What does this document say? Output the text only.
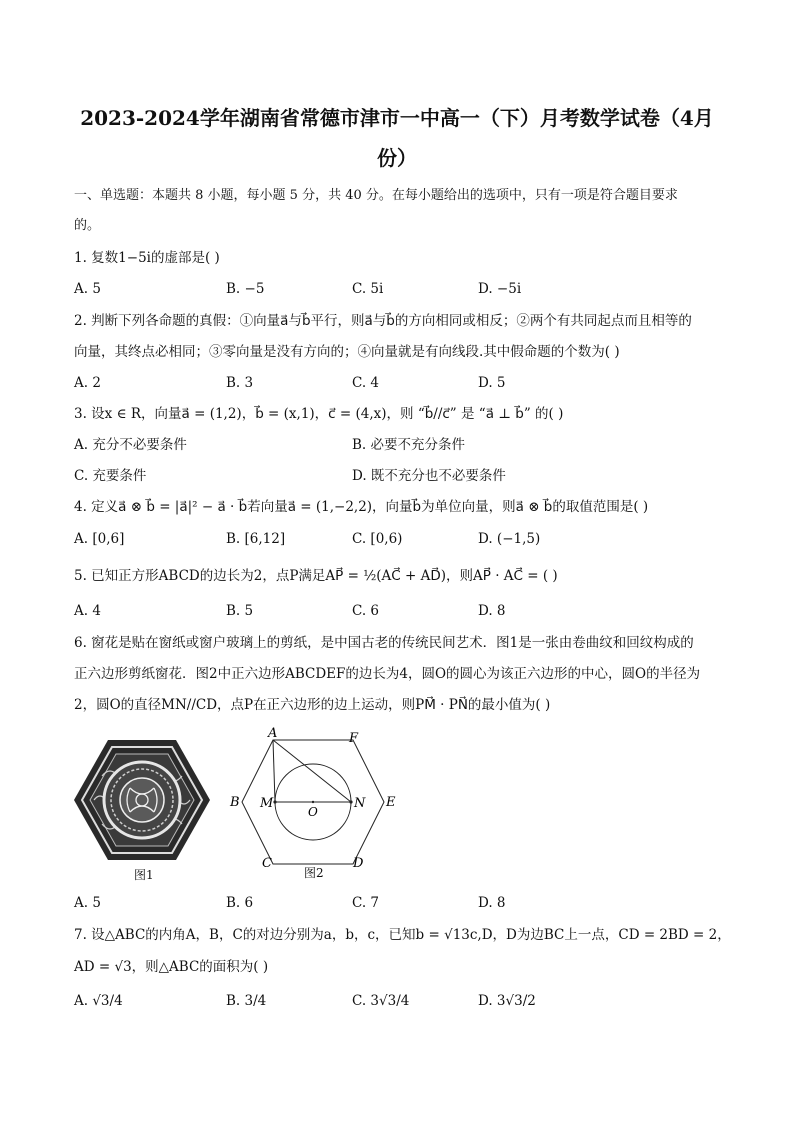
2023-2024学年湖南省常德市津市一中高一（下）月考数学试卷（4月
份）
一、单选题：本题共 8 小题，每小题 5 分，共 40 分。在每小题给出的选项中，只有一项是符合题目要求
的。
1. 复数1−5i的虚部是( )
A. 5	B. −5	C. 5i	D. −5i
2. 判断下列各命题的真假：①向量a⃗与b⃗平行，则a⃗与b⃗的方向相同或相反；②两个有共同起点而且相等的
向量，其终点必相同；③零向量是没有方向的；④向量就是有向线段.其中假命题的个数为( )
A. 2	B. 3	C. 4	D. 5
3. 设x ∈ R，向量a⃗ = (1,2)，b⃗ = (x,1)，c⃗ = (4,x)，则 “b⃗//c⃗” 是 “a⃗ ⊥ b⃗” 的( )
A. 充分不必要条件	B. 必要不充分条件
C. 充要条件	D. 既不充分也不必要条件
4. 定义a⃗ ⊗ b⃗ = |a⃗|² − a⃗ · b⃗若向量a⃗ = (1,−2,2)，向量b⃗为单位向量，则a⃗ ⊗ b⃗的取值范围是( )
A. [0,6]	B. [6,12]	C. [0,6)	D. (−1,5)
5. 已知正方形ABCD的边长为2，点P满足AP⃗ = ½(AC⃗ + AD⃗)，则AP⃗ · AC⃗ = ( )
A. 4	B. 5	C. 6	D. 8
6. 窗花是贴在窗纸或窗户玻璃上的剪纸，是中国古老的传统民间艺术．图1是一张由卷曲纹和回纹构成的
正六边形剪纸窗花．图2中正六边形ABCDEF的边长为4，圆O的圆心为该正六边形的中心，圆O的半径为
2，圆O的直径MN//CD，点P在正六边形的边上运动，则PM⃗ · PN⃗的最小值为( )
图1
A	F
B	E
C	D
M	N
O
图2
A. 5	B. 6	C. 7	D. 8
7. 设△ABC的内角A，B，C的对边分别为a，b，c，已知b = √13c,D，D为边BC上一点，CD = 2BD = 2，
AD = √3，则△ABC的面积为( )
A. √3/4	B. 3/4	C. 3√3/4	D. 3√3/2
